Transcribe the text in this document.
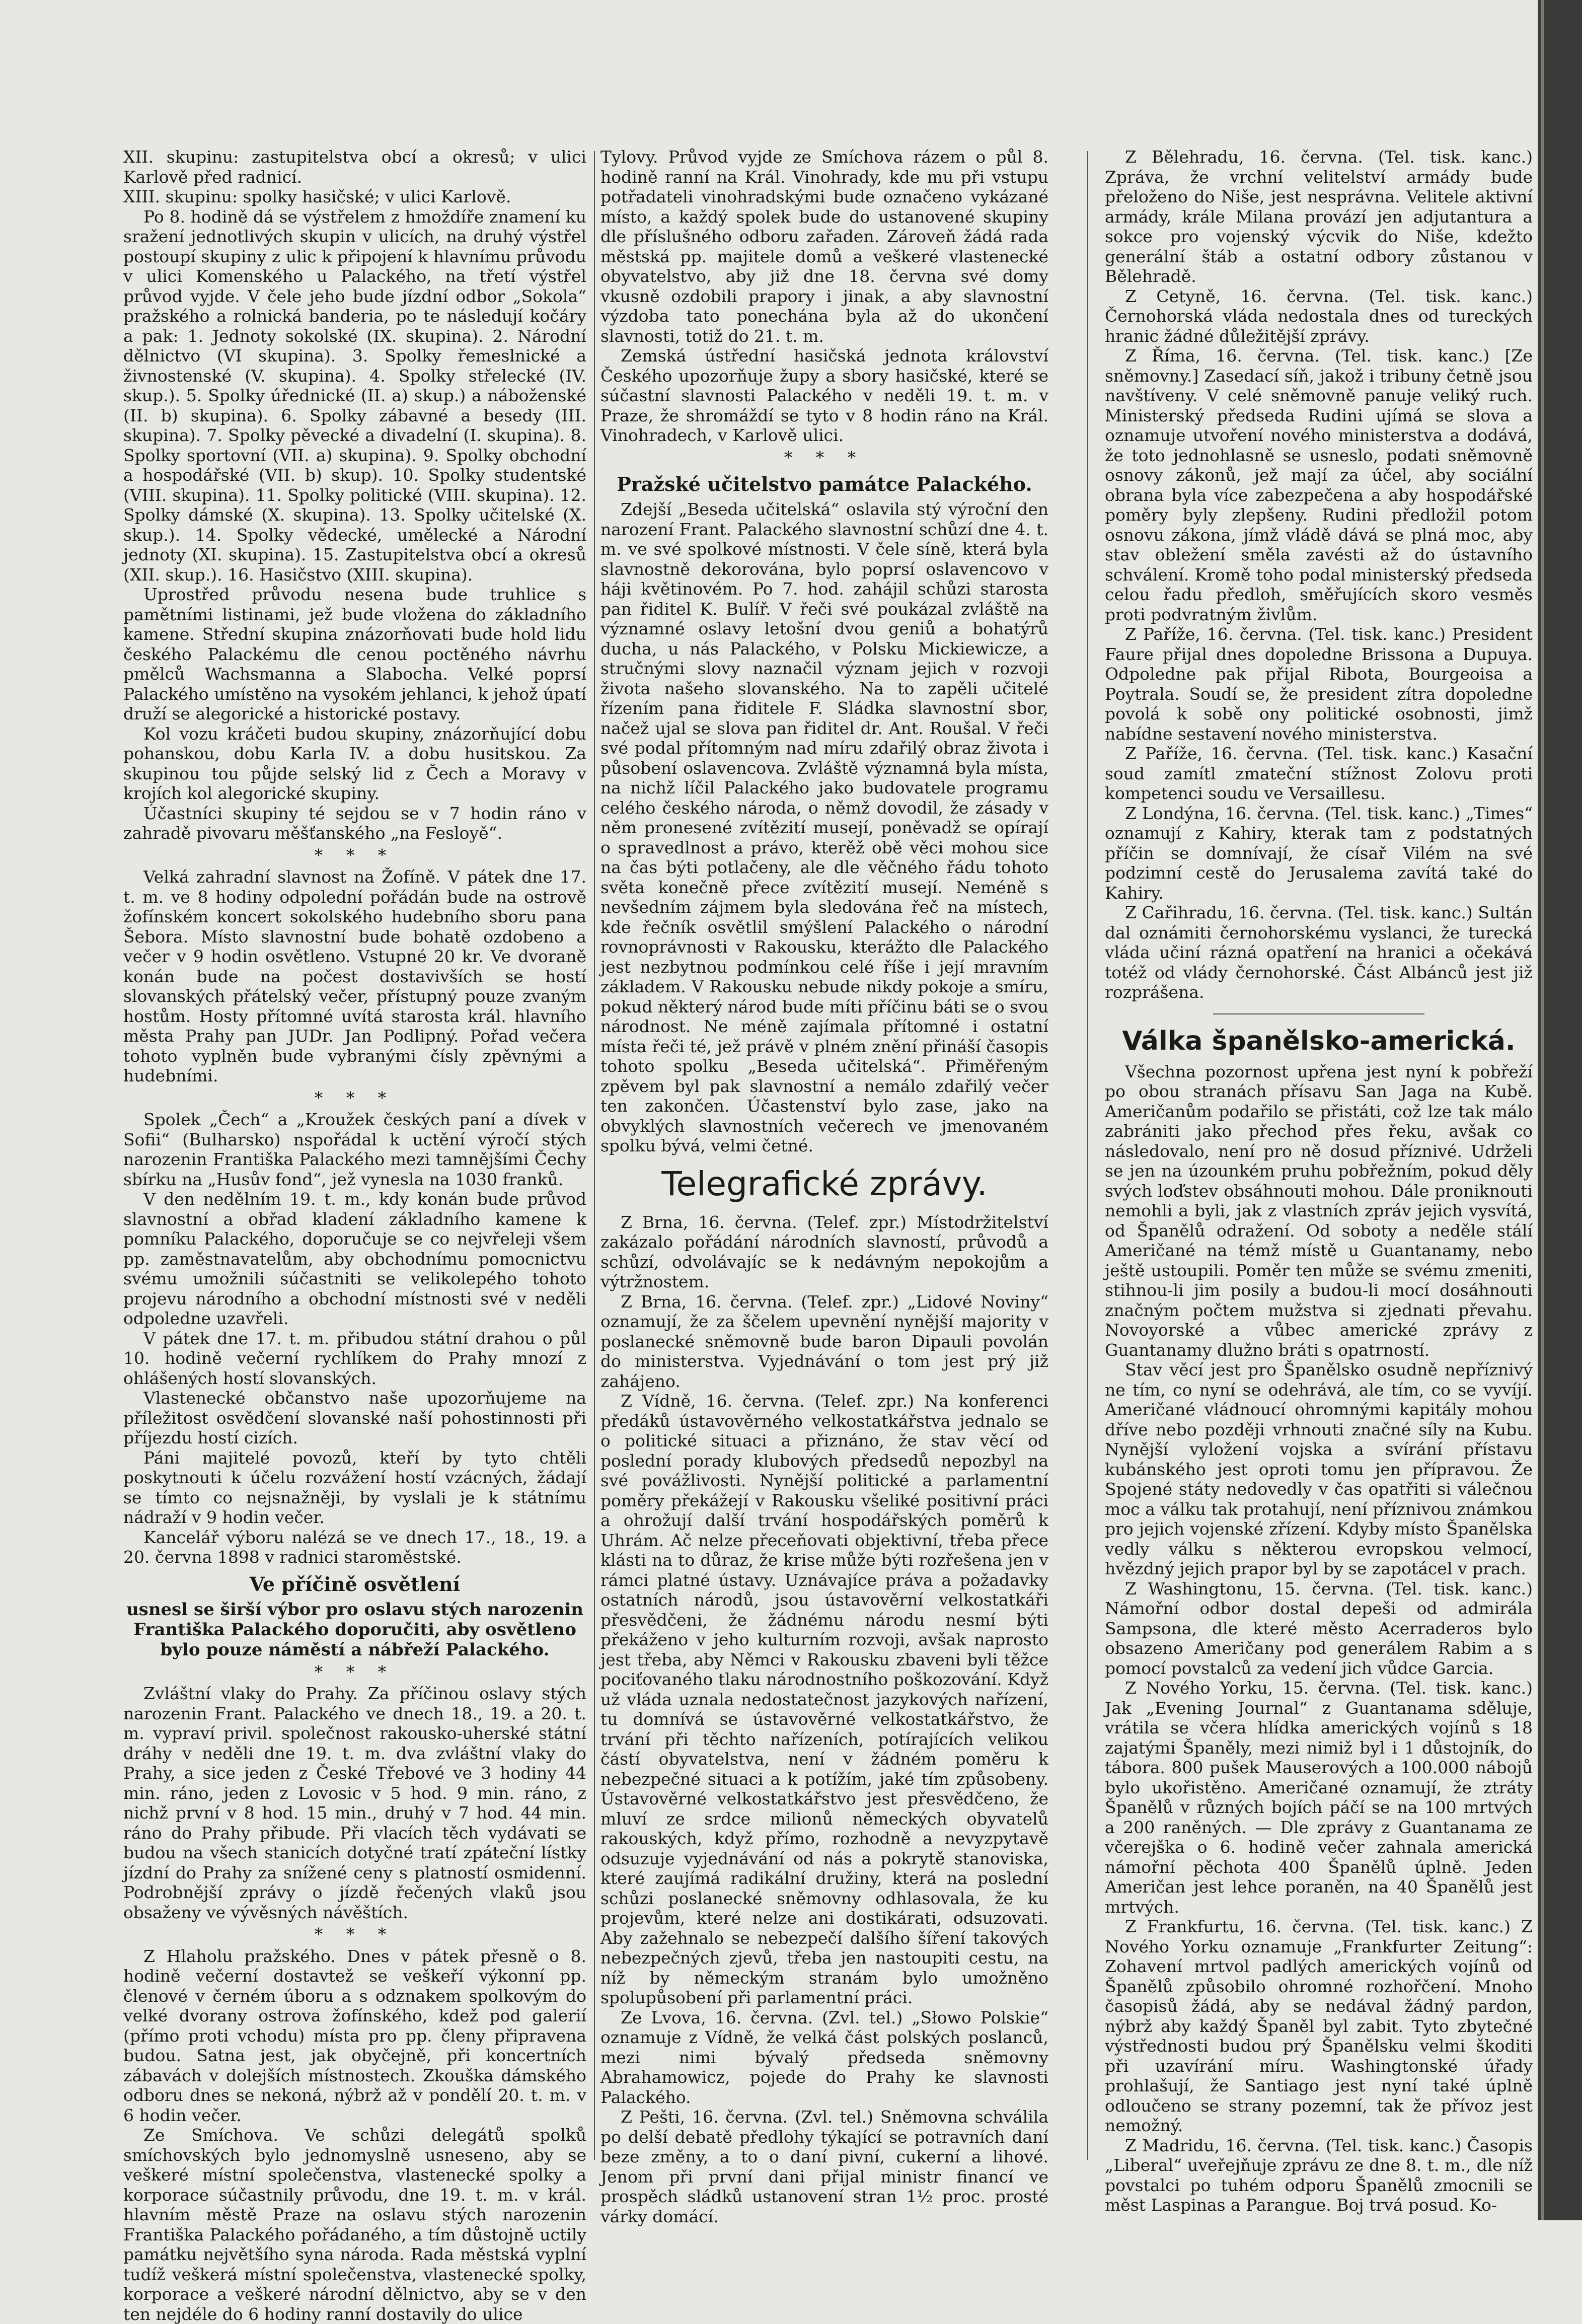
XII. skupinu: zastupitelstva obcí a okresů; v ulici Karlově před radnicí.

XIII. skupinu: spolky hasičské; v ulici Karlově.

Po 8. hodině dá se výstřelem z hmoždíře znamení ku sražení jednotlivých skupin v ulicích, na druhý výstřel postoupí skupiny z ulic k připojení k hlavnímu průvodu v ulici Komenského u Palackého, na třetí výstřel průvod vyjde. V čele jeho bude jízdní odbor „Sokola“ pražského a rolnická banderia, po te následují kočáry a pak: 1. Jednoty sokolské (IX. skupina). 2. Národní dělnictvo (VI skupina). 3. Spolky řemeslnické a živnostenské (V. skupina). 4. Spolky střelecké (IV. skup.). 5. Spolky úřednické (II. a) skup.) a náboženské (II. b) skupina). 6. Spolky zábavné a besedy (III. skupina). 7. Spolky pěvecké a divadelní (I. skupina). 8. Spolky sportovní (VII. a) skupina). 9. Spolky obchodní a hospodářské (VII. b) skup). 10. Spolky studentské (VIII. skupina). 11. Spolky politické (VIII. skupina). 12. Spolky dámské (X. skupina). 13. Spolky učitelské (X. skup.). 14. Spolky vědecké, umělecké a Národní jednoty (XI. skupina). 15. Zastupitelstva obcí a okresů (XII. skup.). 16. Hasičstvo (XIII. skupina).

Uprostřed průvodu nesena bude truhlice s pamětními listinami, jež bude vložena do základního kamene. Střední skupina znázorňovati bude hold lidu českého Palackému dle cenou poctěného návrhu pmělců Wachsmanna a Slabocha. Velké poprsí Palackého umístěno na vysokém jehlanci, k jehož úpatí druží se alegorické a historické postavy.

Kol vozu kráčeti budou skupiny, znázorňující dobu pohanskou, dobu Karla IV. a dobu husitskou. Za skupinou tou půjde selský lid z Čech a Moravy v krojích kol alegorické skupiny.

Účastníci skupiny té sejdou se v 7 hodin ráno v zahradě pivovaru měšťanského „na Fesloyě“.

* * *

Velká zahradní slavnost na Žofíně. V pátek dne 17. t. m. ve 8 hodiny odpolední pořádán bude na ostrově žofínském koncert sokolského hudebního sboru pana Šebora. Místo slavnostní bude bohatě ozdobeno a večer v 9 hodin osvětleno. Vstupné 20 kr. Ve dvoraně konán bude na počest dostavivších se hostí slovanských přátelský večer, přístupný pouze zvaným hostům. Hosty přítomné uvítá starosta král. hlavního města Prahy pan JUDr. Jan Podlipný. Pořad večera tohoto vyplněn bude vybranými čísly zpěvnými a hudebními.

* * *

Spolek „Čech“ a „Kroužek českých paní a dívek v Sofii“ (Bulharsko) nspořádal k uctění výročí stých narozenin Františka Palackého mezi tamnějšími Čechy sbírku na „Husův fond“, jež vynesla na 1030 franků.

V den nedělním 19. t. m., kdy konán bude průvod slavnostní a obřad kladení základního kamene k pomníku Palackého, doporučuje se co nejvřeleji všem pp. zaměstnavatelům, aby obchodnímu pomocnictvu svému umožnili súčastniti se velikolepého tohoto projevu národního a obchodní místnosti své v neděli odpoledne uzavřeli.

V pátek dne 17. t. m. přibudou státní drahou o půl 10. hodině večerní rychlíkem do Prahy mnozí z ohlášených hostí slovanských.

Vlastenecké občanstvo naše upozorňujeme na příležitost osvědčení slovanské naší pohostinnosti při příjezdu hostí cizích.

Páni majitelé povozů, kteří by tyto chtěli poskytnouti k účelu rozvážení hostí vzácných, žádají se tímto co nejsnažněji, by vyslali je k státnímu nádraží v 9 hodin večer.

Kancelář výboru nalézá se ve dnech 17., 18., 19. a 20. června 1898 v radnici staroměstské.

Ve příčině osvětlení
usnesl se širší výbor pro oslavu stých narozenin Františka Palackého doporučiti, aby osvětleno bylo pouze náměstí a nábřeží Palackého.
* * *

Zvláštní vlaky do Prahy. Za příčinou oslavy stých narozenin Frant. Palackého ve dnech 18., 19. a 20. t. m. vypraví privil. společnost rakousko-uherské státní dráhy v neděli dne 19. t. m. dva zvláštní vlaky do Prahy, a sice jeden z České Třebové ve 3 hodiny 44 min. ráno, jeden z Lovosic v 5 hod. 9 min. ráno, z nichž první v 8 hod. 15 min., druhý v 7 hod. 44 min. ráno do Prahy přibude. Při vlacích těch vydávati se budou na všech stanicích dotyčné tratí zpáteční lístky jízdní do Prahy za snížené ceny s platností osmidenní. Podrobnější zprávy o jízdě řečených vlaků jsou obsaženy ve vývěsných návěštích.

* * *

Z Hlaholu pražského. Dnes v pátek přesně o 8. hodině večerní dostavtež se veškeří výkonní pp. členové v černém úboru a s odznakem spolkovým do velké dvorany ostrova žofínského, kdež pod galerií (přímo proti vchodu) místa pro pp. členy připravena budou. Satna jest, jak obyčejně, při koncertních zábavách v dolejších místnostech. Zkouška dámského odboru dnes se nekoná, nýbrž až v pondělí 20. t. m. v 6 hodin večer.

Ze Smíchova. Ve schůzi delegátů spolků smíchovských bylo jednomyslně usneseno, aby se veškeré místní společenstva, vlastenecké spolky a korporace súčastnily průvodu, dne 19. t. m. v král. hlavním městě Praze na oslavu stých narozenin Františka Palackého pořádaného, a tím důstojně uctily památku největšího syna národa. Rada městská vyplní tudíž veškerá místní společenstva, vlastenecké spolky, korporace a veškeré národní dělnictvo, aby se v den ten nejdéle do 6 hodiny ranní dostavily do ulice

Tylovy. Průvod vyjde ze Smíchova rázem o půl 8. hodině ranní na Král. Vinohrady, kde mu při vstupu potřadateli vinohradskými bude označeno vykázané místo, a každý spolek bude do ustanovené skupiny dle příslušného odboru zařaden. Zároveň žádá rada městská pp. majitele domů a veškeré vlastenecké obyvatelstvo, aby již dne 18. června své domy vkusně ozdobili prapory i jinak, a aby slavnostní výzdoba tato ponechána byla až do ukončení slavnosti, totiž do 21. t. m.

Zemská ústřední hasičská jednota království Českého upozorňuje župy a sbory hasičské, které se súčastní slavnosti Palackého v neděli 19. t. m. v Praze, že shromáždí se tyto v 8 hodin ráno na Král. Vinohradech, v Karlově ulici.

* * *
Pražské učitelstvo památce Palackého.

Zdejší „Beseda učitelská“ oslavila stý výroční den narození Frant. Palackého slavnostní schůzí dne 4. t. m. ve své spolkové místnosti. V čele síně, která byla slavnostně dekorována, bylo poprsí oslavencovo v háji květinovém. Po 7. hod. zahájil schůzi starosta pan řiditel K. Bulíř. V řeči své poukázal zvláště na významné oslavy letošní dvou geniů a bohatýrů ducha, u nás Palackého, v Polsku Mickiewicze, a stručnými slovy naznačil význam jejich v rozvoji života našeho slovanského. Na to zapěli učitelé řízením pana řiditele F. Sládka slavnostní sbor, načež ujal se slova pan řiditel dr. Ant. Roušal. V řeči své podal přítomným nad míru zdařilý obraz života i působení oslavencova. Zvláště významná byla místa, na nichž líčil Palackého jako budovatele programu celého českého národa, o němž dovodil, že zásady v něm pronesené zvítězití musejí, poněvadž se opírají o spravedlnost a právo, kterěž obě věci mohou sice na čas býti potlačeny, ale dle věčného řádu tohoto světa konečně přece zvítězití musejí. Neméně s nevšedním zájmem byla sledována řeč na místech, kde řečník osvětlil smýšlení Palackého o národní rovnoprávnosti v Rakousku, kterážto dle Palackého jest nezbytnou podmínkou celé říše i její mravním základem. V Rakousku nebude nikdy pokoje a smíru, pokud některý národ bude míti příčinu báti se o svou národnost. Ne méně zajímala přítomné i ostatní místa řeči té, jež právě v plném znění přináší časopis tohoto spolku „Beseda učitelská“. Přiměřeným zpěvem byl pak slavnostní a nemálo zdařilý večer ten zakončen. Účastenství bylo zase, jako na obvyklých slavnostních večerech ve jmenovaném spolku bývá, velmi četné.

Telegrafické zprávy.

Z Brna, 16. června. (Telef. zpr.) Místodržitelství zakázalo pořádání národních slavností, průvodů a schůzí, odvolávajíc se k nedávným nepokojům a výtržnostem.

Z Brna, 16. června. (Telef. zpr.) „Lidové Noviny“ oznamují, že za ščelem upevnění nynější majority v poslanecké sněmovně bude baron Dipauli povolán do ministerstva. Vyjednávání o tom jest prý již zahájeno.

Z Vídně, 16. června. (Telef. zpr.) Na konferenci předáků ústavověrného velkostatkářstva jednalo se o politické situaci a přiznáno, že stav věcí od poslední porady klubových předsedů nepozbyl na své povážlivosti. Nynější politické a parlamentní poměry překážejí v Rakousku všeliké positivní práci a ohrožují další trvání hospodářských poměrů k Uhrám. Ač nelze přeceňovati objektivní, třeba přece klásti na to důraz, že krise může býti rozřešena jen v rámci platné ústavy. Uznávajíce práva a požadavky ostatních národů, jsou ústavověrní velkostatkáři přesvědčeni, že žádnému národu nesmí býti překáženo v jeho kulturním rozvoji, avšak naprosto jest třeba, aby Němci v Rakousku zbaveni byli těžce pociťovaného tlaku národnostního poškozování. Když už vláda uznala nedostatečnost jazykových nařízení, tu domnívá se ústavověrné velkostatkářstvo, že trvání při těchto nařízeních, potírajících velikou částí obyvatelstva, není v žádném poměru k nebezpečné situaci a k potížím, jaké tím způsobeny. Ústavověrné velkostatkářstvo jest přesvědčeno, že mluví ze srdce milionů německých obyvatelů rakouských, když přímo, rozhodně a nevyzpytavě odsuzuje vyjednávání od nás a pokrytě stanoviska, které zaujímá radikální družiny, která na poslední schůzi poslanecké sněmovny odhlasovala, že ku projevům, které nelze ani dostikárati, odsuzovati. Aby zažehnalo se nebezpečí dalšího šíření takových nebezpečných zjevů, třeba jen nastoupiti cestu, na níž by německým stranám bylo umožněno spolupůsobení při parlamentní práci.

Ze Lvova, 16. června. (Zvl. tel.) „Słowo Polskie“ oznamuje z Vídně, že velká část polských poslanců, mezi nimi bývalý předseda sněmovny Abrahamowicz, pojede do Prahy ke slavnosti Palackého.

Z Pešti, 16. června. (Zvl. tel.) Sněmovna schválila po delší debatě předlohy týkající se potravních daní beze změny, a to o daní pivní, cukerní a lihové. Jenom při první dani přijal ministr financí ve prospěch sládků ustanovení stran 1½ proc. prosté várky domácí.

Z Bělehradu, 16. června. (Tel. tisk. kanc.) Zpráva, že vrchní velitelství armády bude přeloženo do Niše, jest nesprávna. Velitele aktivní armády, krále Milana provází jen adjutantura a sokce pro vojenský výcvik do Niše, kdežto generální štáb a ostatní odbory zůstanou v Bělehradě.

Z Cetyně, 16. června. (Tel. tisk. kanc.) Černohorská vláda nedostala dnes od tureckých hranic žádné důležitější zprávy.

Z Říma, 16. června. (Tel. tisk. kanc.) [Ze sněmovny.] Zasedací síň, jakož i tribuny četně jsou navštíveny. V celé sněmovně panuje veliký ruch. Ministerský předseda Rudini ujímá se slova a oznamuje utvoření nového ministerstva a dodává, že toto jednohlasně se usneslo, podati sněmovně osnovy zákonů, jež mají za účel, aby sociální obrana byla více zabezpečena a aby hospodářské poměry byly zlepšeny. Rudini předložil potom osnovu zákona, jímž vládě dává se plná moc, aby stav obležení směla zavésti až do ústavního schválení. Kromě toho podal ministerský předseda celou řadu předloh, směřujících skoro vesměs proti podvratným živlům.

Z Paříže, 16. června. (Tel. tisk. kanc.) President Faure přijal dnes dopoledne Brissona a Dupuya. Odpoledne pak přijal Ribota, Bourgeoisa a Poytrala. Soudí se, že president zítra dopoledne povolá k sobě ony politické osobnosti, jimž nabídne sestavení nového ministerstva.

Z Paříže, 16. června. (Tel. tisk. kanc.) Kasační soud zamítl zmateční stížnost Zolovu proti kompetenci soudu ve Versaillesu.

Z Londýna, 16. června. (Tel. tisk. kanc.) „Times“ oznamují z Kahiry, kterak tam z podstatných příčin se domnívají, že císař Vilém na své podzimní cestě do Jerusalema zavítá také do Kahiry.

Z Cařihradu, 16. června. (Tel. tisk. kanc.) Sultán dal oznámiti černohorskému vyslanci, že turecká vláda učiní rázná opatření na hranici a očekává totéž od vlády černohorské. Část Albánců jest již rozprášena.

Válka španělsko-americká.

Všechna pozornost upřena jest nyní k pobřeží po obou stranách přísavu San Jaga na Kubě. Američanům podařilo se přistáti, což lze tak málo zabrániti jako přechod přes řeku, avšak co následovalo, není pro ně dosud příznivé. Udrželi se jen na úzounkém pruhu pobřežním, pokud děly svých loďstev obsáhnouti mohou. Dále proniknouti nemohli a byli, jak z vlastních zpráv jejich vysvítá, od Španělů odražení. Od soboty a neděle stálí Američané na témž místě u Guantanamy, nebo ještě ustoupili. Poměr ten může se svému zmeniti, stihnou-li jim posily a budou-li mocí dosáhnouti značným počtem mužstva si zjednati převahu. Novoyorské a vůbec americké zprávy z Guantanamy dlužno bráti s opatrností.

Stav věcí jest pro Španělsko osudně nepříznivý ne tím, co nyní se odehrává, ale tím, co se vyvíjí. Američané vládnoucí ohromnými kapitály mohou dříve nebo později vrhnouti značné síly na Kubu. Nynější vyložení vojska a svírání přístavu kubánského jest oproti tomu jen přípravou. Že Spojené státy nedovedly v čas opatřiti si válečnou moc a válku tak protahují, není příznivou známkou pro jejich vojenské zřízení. Kdyby místo Španělska vedly válku s některou evropskou velmocí, hvězdný jejich prapor byl by se zapotácel v prach.

Z Washingtonu, 15. června. (Tel. tisk. kanc.) Námořní odbor dostal depeši od admirála Sampsona, dle které město Acerraderos bylo obsazeno Američany pod generálem Rabim a s pomocí povstalců za vedení jich vůdce Garcia.

Z Nového Yorku, 15. června. (Tel. tisk. kanc.) Jak „Evening Journal“ z Guantanama sděluje, vrátila se včera hlídka amerických vojínů s 18 zajatými Španěly, mezi nimiž byl i 1 důstojník, do tábora. 800 pušek Mauserových a 100.000 nábojů bylo ukořistěno. Američané oznamují, že ztráty Španělů v různých bojích páčí se na 100 mrtvých a 200 raněných. — Dle zprávy z Guantanama ze včerejška o 6. hodině večer zahnala americká námořní pěchota 400 Španělů úplně. Jeden Američan jest lehce poraněn, na 40 Španělů jest mrtvých.

Z Frankfurtu, 16. června. (Tel. tisk. kanc.) Z Nového Yorku oznamuje „Frankfurter Zeitung“: Zohavení mrtvol padlých amerických vojínů od Španělů způsobilo ohromné rozhořčení. Mnoho časopisů žádá, aby se nedával žádný pardon, nýbrž aby každý Španěl byl zabit. Tyto zbytečné výstřednosti budou prý Španělsku velmi škoditi při uzavírání míru. Washingtonské úřady prohlašují, že Santiago jest nyní také úplně odloučeno se strany pozemní, tak že přívoz jest nemožný.

Z Madridu, 16. června. (Tel. tisk. kanc.) Časopis „Liberal“ uveřejňuje zprávu ze dne 8. t. m., dle níž povstalci po tuhém odporu Španělů zmocnili se měst Laspinas a Parangue. Boj trvá posud. Ko-
